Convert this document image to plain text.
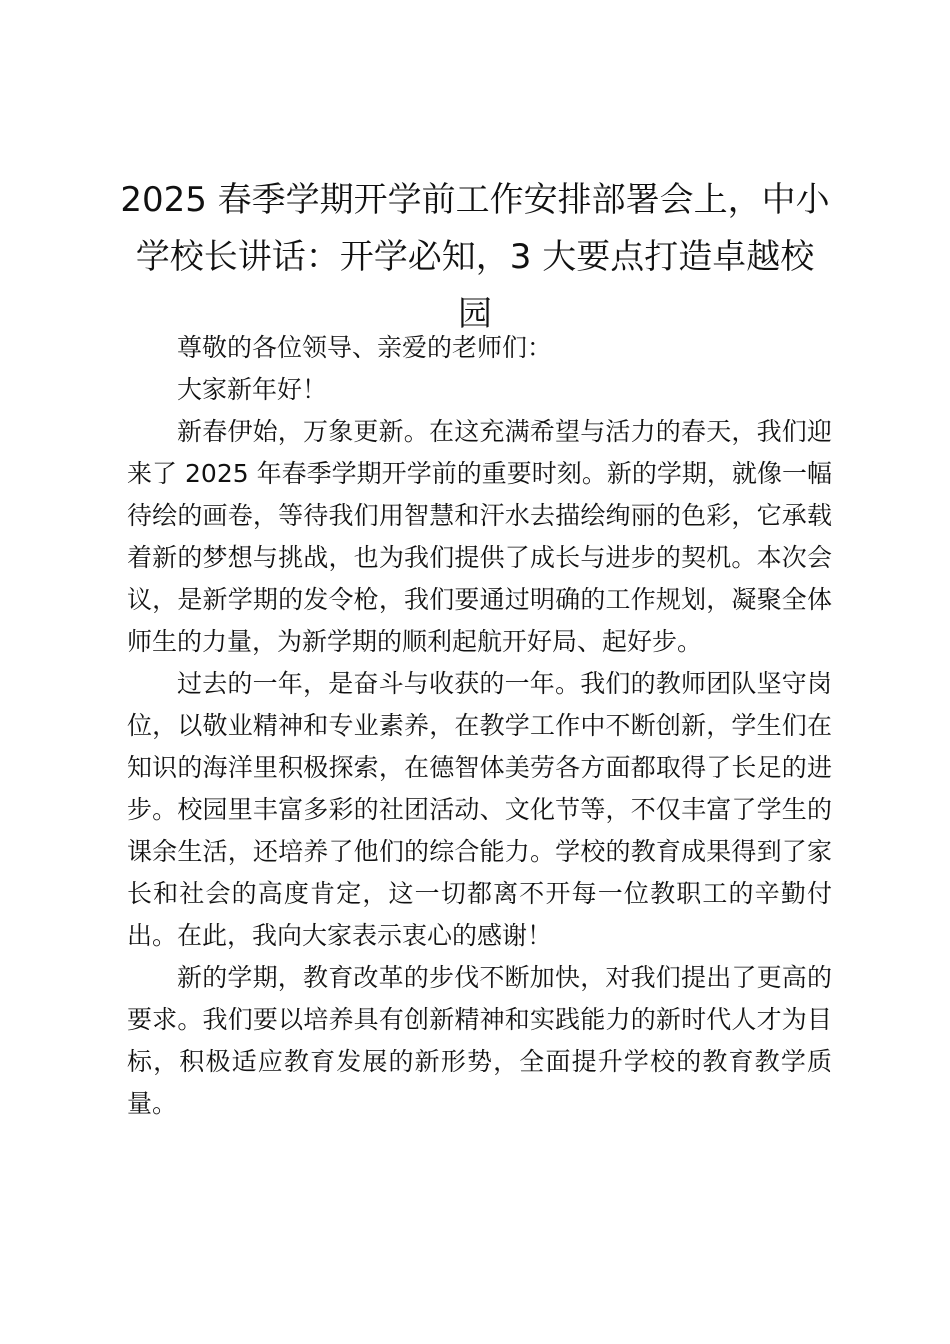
2025 春季学期开学前工作安排部署会上，中小学校长讲话：开学必知，3 大要点打造卓越校园

尊敬的各位领导、亲爱的老师们：

大家新年好！

新春伊始，万象更新。在这充满希望与活力的春天，我们迎来了 2025 年春季学期开学前的重要时刻。新的学期，就像一幅待绘的画卷，等待我们用智慧和汗水去描绘绚丽的色彩，它承载着新的梦想与挑战，也为我们提供了成长与进步的契机。本次会议，是新学期的发令枪，我们要通过明确的工作规划，凝聚全体师生的力量，为新学期的顺利起航开好局、起好步。

过去的一年，是奋斗与收获的一年。我们的教师团队坚守岗位，以敬业精神和专业素养，在教学工作中不断创新，学生们在知识的海洋里积极探索，在德智体美劳各方面都取得了长足的进步。校园里丰富多彩的社团活动、文化节等，不仅丰富了学生的课余生活，还培养了他们的综合能力。学校的教育成果得到了家长和社会的高度肯定，这一切都离不开每一位教职工的辛勤付出。在此，我向大家表示衷心的感谢！

新的学期，教育改革的步伐不断加快，对我们提出了更高的要求。我们要以培养具有创新精神和实践能力的新时代人才为目标，积极适应教育发展的新形势，全面提升学校的教育教学质量。
